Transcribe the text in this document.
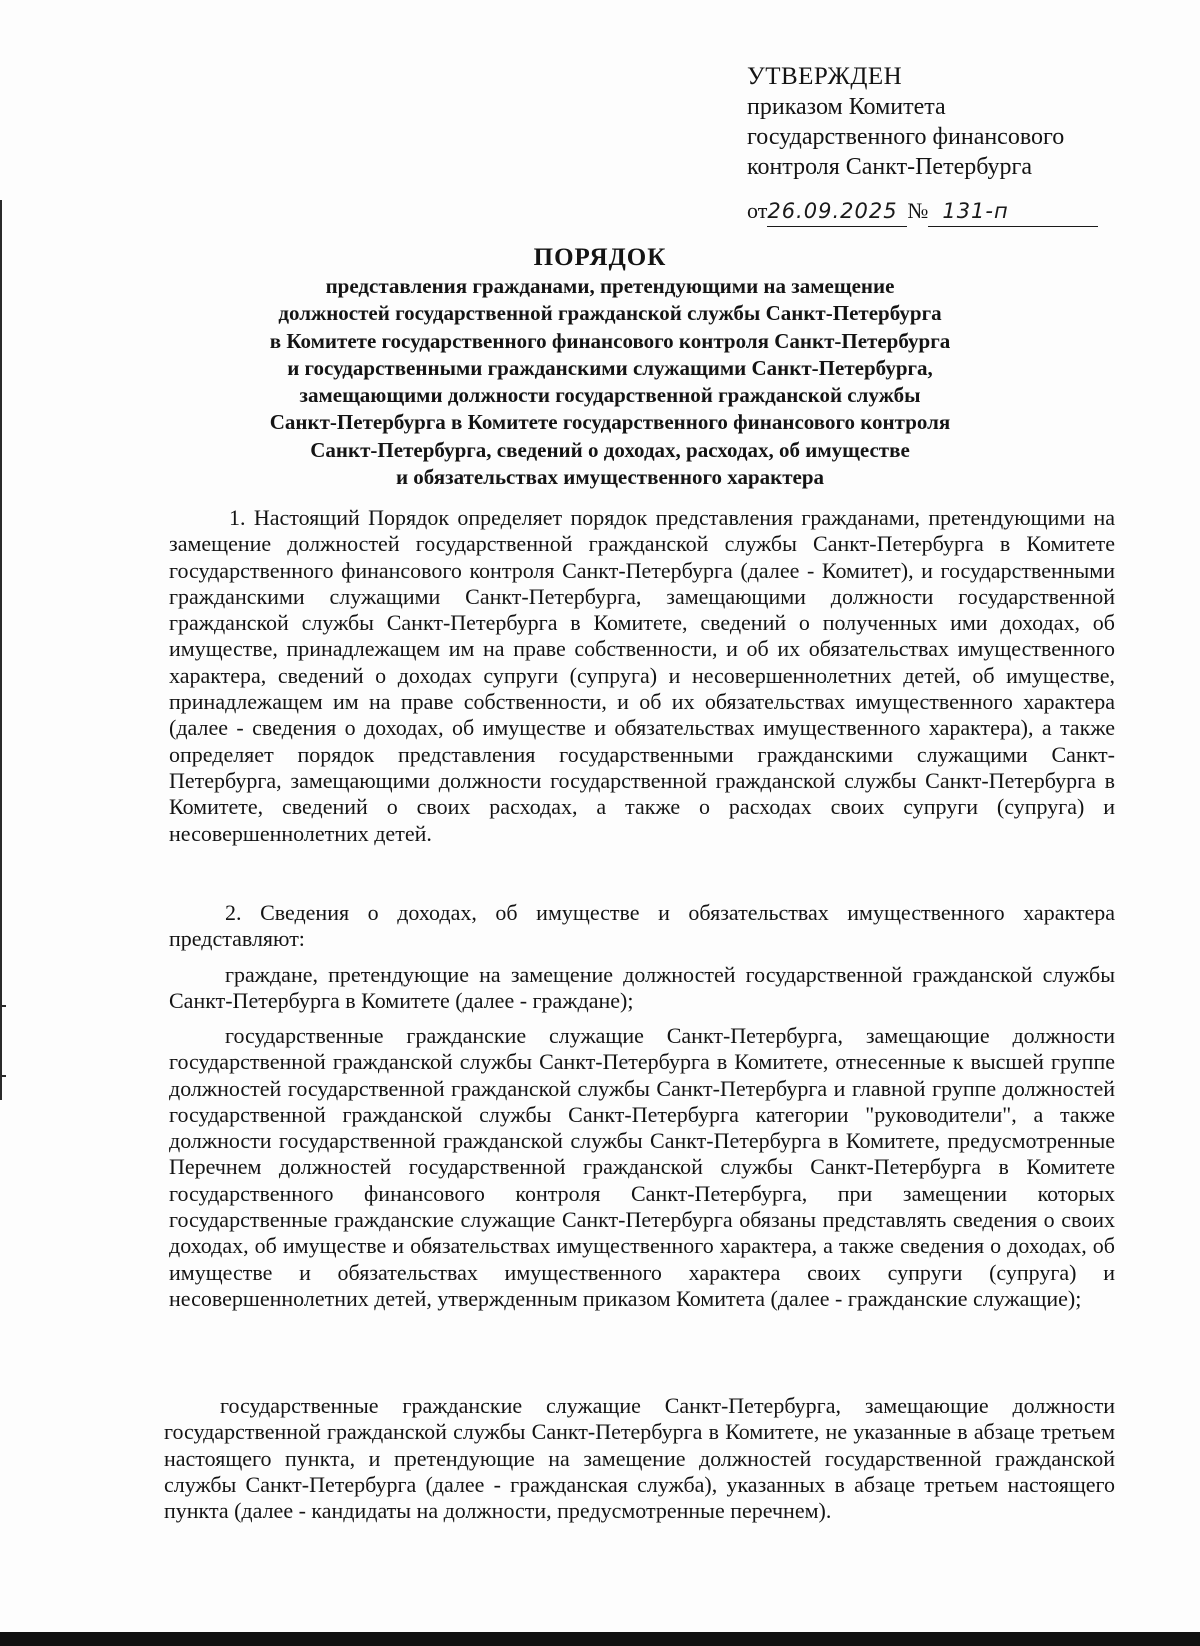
УТВЕРЖДЕН
приказом Комитета
государственного финансового
контроля Санкт-Петербурга
от26.09.2025 № 131-п
ПОРЯДОК
представления гражданами, претендующими на замещение
должностей государственной гражданской службы Санкт-Петербурга
в Комитете государственного финансового контроля Санкт-Петербурга
и государственными гражданскими служащими Санкт-Петербурга,
замещающими должности государственной гражданской службы
Санкт-Петербурга в Комитете государственного финансового контроля
Санкт-Петербурга, сведений о доходах, расходах, об имуществе
и обязательствах имущественного характера

1. Настоящий Порядок определяет порядок представления гражданами, претендующими на замещение должностей государственной гражданской службы Санкт-Петербурга в Комитете государственного финансового контроля Санкт-Петербурга (далее - Комитет), и государственными гражданскими служащими Санкт-Петербурга, замещающими должности государственной гражданской службы Санкт-Петербурга в Комитете, сведений о полученных ими доходах, об имуществе, принадлежащем им на праве собственности, и об их обязательствах имущественного характера, сведений о доходах супруги (супруга) и несовершеннолетних детей, об имуществе, принадлежащем им на праве собственности, и об их обязательствах имущественного характера (далее - сведения о доходах, об имуществе и обязательствах имущественного характера), а также определяет порядок представления государственными гражданскими служащими Санкт-Петербурга, замещающими должности государственной гражданской службы Санкт-Петербурга в Комитете, сведений о своих расходах, а также о расходах своих супруги (супруга) и несовершеннолетних детей.

2. Сведения о доходах, об имуществе и обязательствах имущественного характера представляют:

граждане, претендующие на замещение должностей государственной гражданской службы Санкт-Петербурга в Комитете (далее - граждане);

государственные гражданские служащие Санкт-Петербурга, замещающие должности государственной гражданской службы Санкт-Петербурга в Комитете, отнесенные к высшей группе должностей государственной гражданской службы Санкт-Петербурга и главной группе должностей государственной гражданской службы Санкт-Петербурга категории "руководители", а также должности государственной гражданской службы Санкт-Петербурга в Комитете, предусмотренные Перечнем должностей государственной гражданской службы Санкт-Петербурга в Комитете государственного финансового контроля Санкт-Петербурга, при замещении которых государственные гражданские служащие Санкт-Петербурга обязаны представлять сведения о своих доходах, об имуществе и обязательствах имущественного характера, а также сведения о доходах, об имуществе и обязательствах имущественного характера своих супруги (супруга) и несовершеннолетних детей, утвержденным приказом Комитета (далее - гражданские служащие);

государственные гражданские служащие Санкт-Петербурга, замещающие должности государственной гражданской службы Санкт-Петербурга в Комитете, не указанные в абзаце третьем настоящего пункта, и претендующие на замещение должностей государственной гражданской службы Санкт-Петербурга (далее - гражданская служба), указанных в абзаце третьем настоящего пункта (далее - кандидаты на должности, предусмотренные перечнем).
